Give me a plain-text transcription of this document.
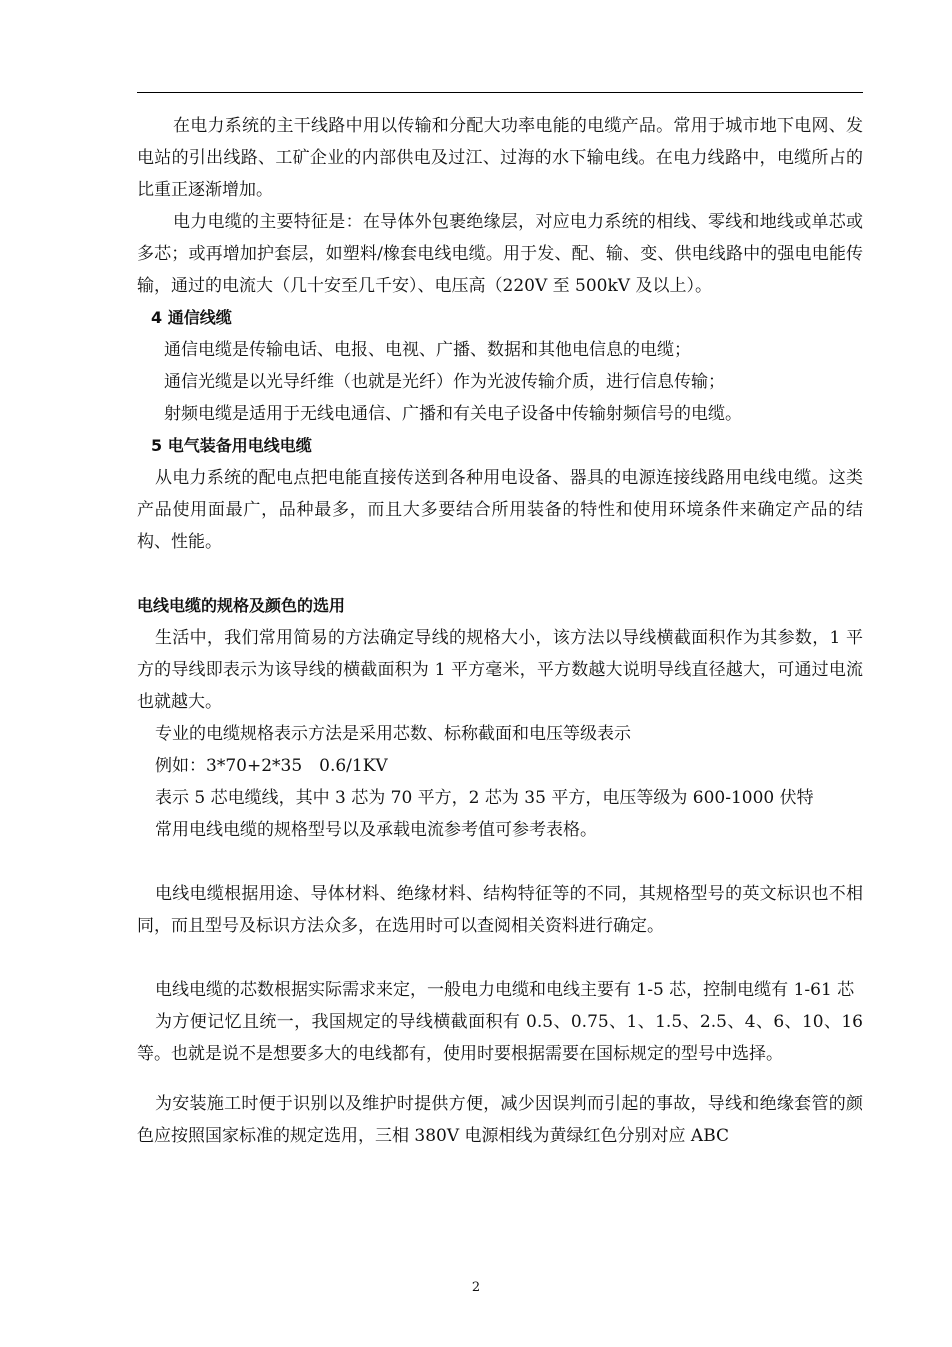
在电力系统的主干线路中用以传输和分配大功率电能的电缆产品。常用于城市地下电网、发电站的引出线路、工矿企业的内部供电及过江、过海的水下输电线。在电力线路中，电缆所占的比重正逐渐增加。

电力电缆的主要特征是：在导体外包裹绝缘层，对应电力系统的相线、零线和地线或单芯或多芯；或再增加护套层，如塑料/橡套电线电缆。用于发、配、输、变、供电线路中的强电电能传输，通过的电流大（几十安至几千安）、电压高（220V 至 500kV 及以上）。

4 通信线缆

通信电缆是传输电话、电报、电视、广播、数据和其他电信息的电缆；

通信光缆是以光导纤维（也就是光纤）作为光波传输介质，进行信息传输；

射频电缆是适用于无线电通信、广播和有关电子设备中传输射频信号的电缆。

5 电气装备用电线电缆

从电力系统的配电点把电能直接传送到各种用电设备、器具的电源连接线路用电线电缆。这类产品使用面最广，品种最多，而且大多要结合所用装备的特性和使用环境条件来确定产品的结构、性能。

电线电缆的规格及颜色的选用

生活中，我们常用简易的方法确定导线的规格大小，该方法以导线横截面积作为其参数，1 平方的导线即表示为该导线的横截面积为 1 平方毫米，平方数越大说明导线直径越大，可通过电流也就越大。

专业的电缆规格表示方法是采用芯数、标称截面和电压等级表示

例如：3*70+2*35　0.6/1KV

表示 5 芯电缆线，其中 3 芯为 70 平方，2 芯为 35 平方，电压等级为 600-1000 伏特

常用电线电缆的规格型号以及承载电流参考值可参考表格。

电线电缆根据用途、导体材料、绝缘材料、结构特征等的不同，其规格型号的英文标识也不相同，而且型号及标识方法众多，在选用时可以查阅相关资料进行确定。

电线电缆的芯数根据实际需求来定，一般电力电缆和电线主要有 1-5 芯，控制电缆有 1-61 芯

为方便记忆且统一，我国规定的导线横截面积有 0.5、0.75、1、1.5、2.5、4、6、10、16 等。也就是说不是想要多大的电线都有，使用时要根据需要在国标规定的型号中选择。

为安装施工时便于识别以及维护时提供方便，减少因误判而引起的事故，导线和绝缘套管的颜色应按照国家标准的规定选用，三相 380V 电源相线为黄绿红色分别对应 ABC

2
